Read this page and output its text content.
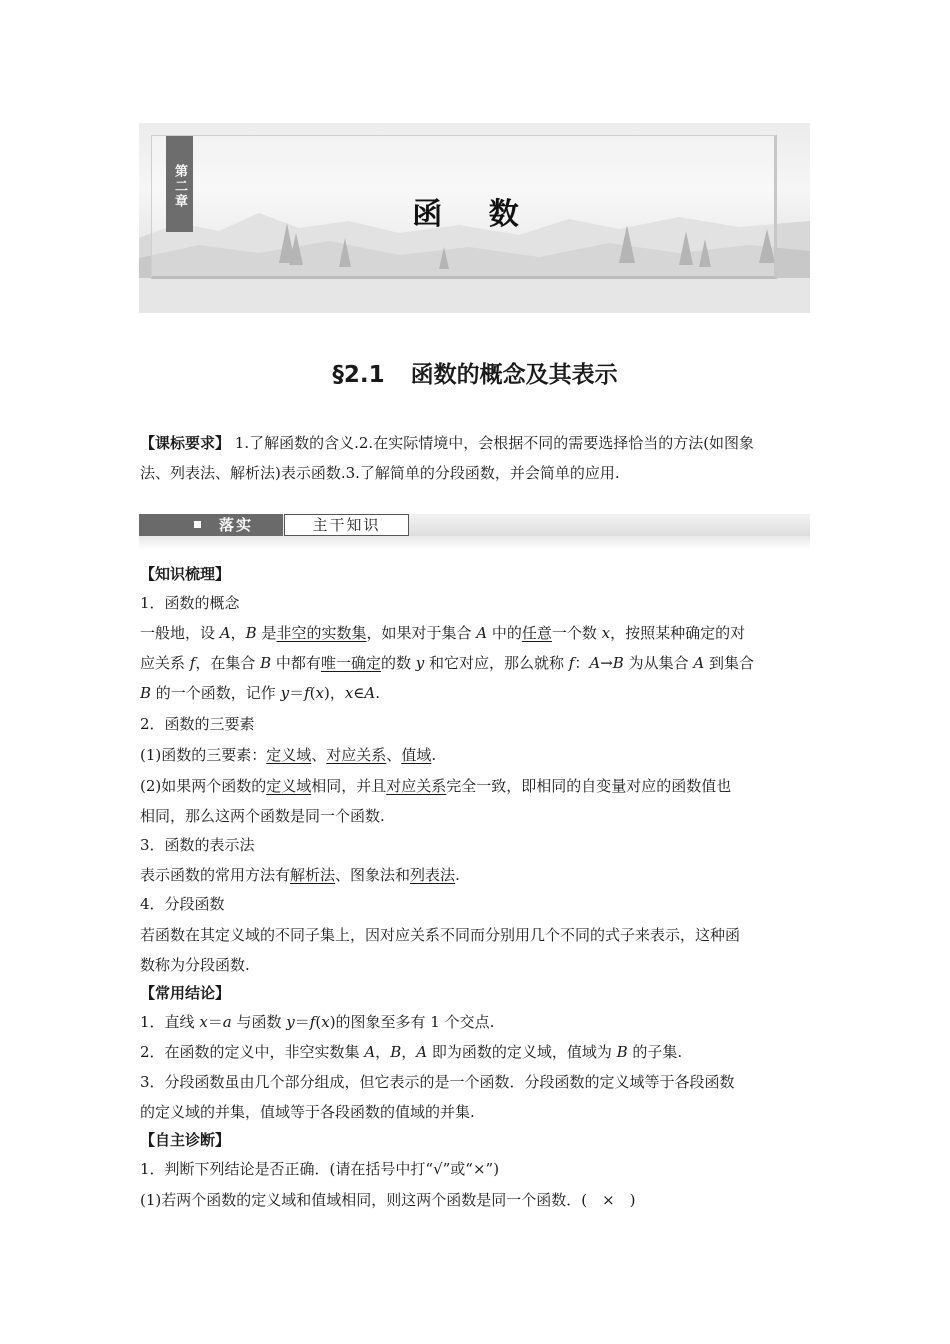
第二章
函 数
§2.1 函数的概念及其表示
【课标要求】 1.了解函数的含义.2.在实际情境中，会根据不同的需要选择恰当的方法(如图象
法、列表法、解析法)表示函数.3.了解简单的分段函数，并会简单的应用.
落实	主干知识
【知识梳理】
1．函数的概念
一般地，设 A，B 是非空的实数集，如果对于集合 A 中的任意一个数 x，按照某种确定的对
应关系 f，在集合 B 中都有唯一确定的数 y 和它对应，那么就称 f：A→B 为从集合 A 到集合
B 的一个函数，记作 y＝f(x)，x∈A.
2．函数的三要素
(1)函数的三要素：定义域、对应关系、值域.
(2)如果两个函数的定义域相同，并且对应关系完全一致，即相同的自变量对应的函数值也
相同，那么这两个函数是同一个函数.
3．函数的表示法
表示函数的常用方法有解析法、图象法和列表法.
4．分段函数
若函数在其定义域的不同子集上，因对应关系不同而分别用几个不同的式子来表示，这种函
数称为分段函数.
【常用结论】
1．直线 x＝a 与函数 y＝f(x)的图象至多有 1 个交点.
2．在函数的定义中，非空实数集 A，B，A 即为函数的定义域，值域为 B 的子集.
3．分段函数虽由几个部分组成，但它表示的是一个函数．分段函数的定义域等于各段函数
的定义域的并集，值域等于各段函数的值域的并集.
【自主诊断】
1．判断下列结论是否正确．(请在括号中打“√”或“×”)
(1)若两个函数的定义域和值域相同，则这两个函数是同一个函数．(　×　)
